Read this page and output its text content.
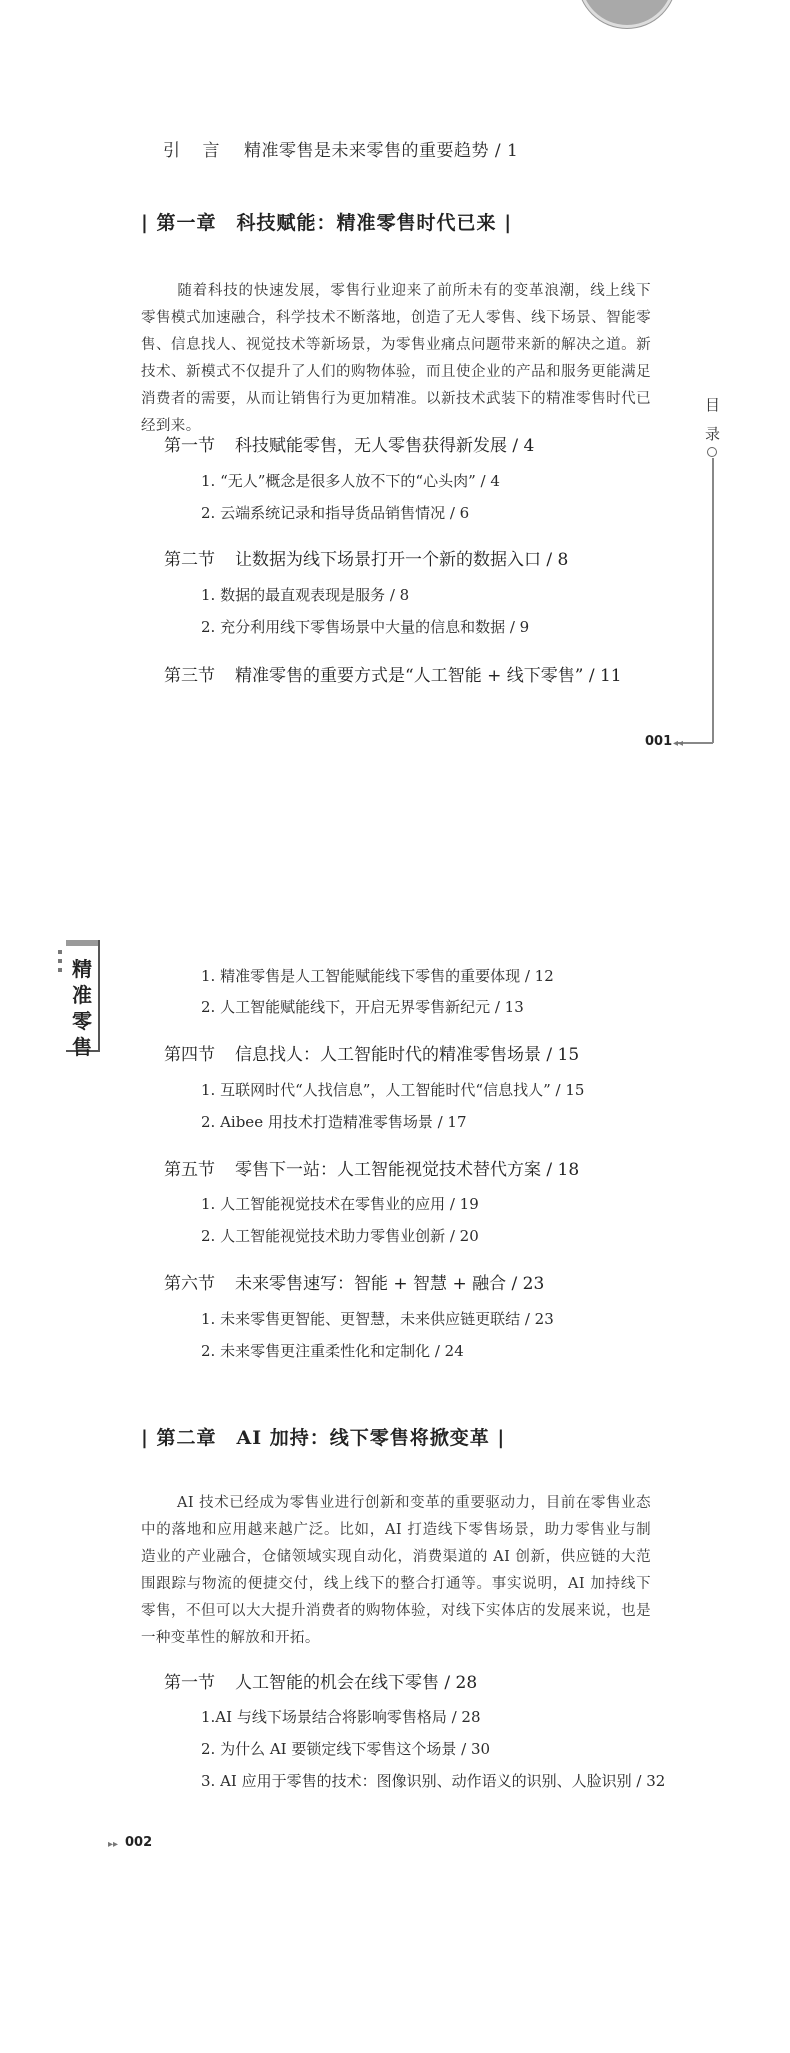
引 言 精准零售是未来零售的重要趋势 / 1
| 第一章　科技赋能：精准零售时代已来 |
随着科技的快速发展，零售行业迎来了前所未有的变革浪潮，线上线下零售模式加速融合，科学技术不断落地，创造了无人零售、线下场景、智能零售、信息找人、视觉技术等新场景，为零售业痛点问题带来新的解决之道。新技术、新模式不仅提升了人们的购物体验，而且使企业的产品和服务更能满足消费者的需要，从而让销售行为更加精准。以新技术武装下的精准零售时代已经到来。
目
录
◂◂
001
第一节 科技赋能零售，无人零售获得新发展 / 4
1. “无人”概念是很多人放不下的“心头肉” / 4
2. 云端系统记录和指导货品销售情况 / 6
第二节 让数据为线下场景打开一个新的数据入口 / 8
1. 数据的最直观表现是服务 / 8
2. 充分利用线下零售场景中大量的信息和数据 / 9
第三节 精准零售的重要方式是“人工智能 + 线下零售” / 11
精准零售
1. 精准零售是人工智能赋能线下零售的重要体现 / 12
2. 人工智能赋能线下，开启无界零售新纪元 / 13
第四节 信息找人：人工智能时代的精准零售场景 / 15
1. 互联网时代“人找信息”，人工智能时代“信息找人” / 15
2. Aibee 用技术打造精准零售场景 / 17
第五节 零售下一站：人工智能视觉技术替代方案 / 18
1. 人工智能视觉技术在零售业的应用 / 19
2. 人工智能视觉技术助力零售业创新 / 20
第六节 未来零售速写：智能 + 智慧 + 融合 / 23
1. 未来零售更智能、更智慧，未来供应链更联结 / 23
2. 未来零售更注重柔性化和定制化 / 24
| 第二章　AI 加持：线下零售将掀变革 |
AI 技术已经成为零售业进行创新和变革的重要驱动力，目前在零售业态中的落地和应用越来越广泛。比如，AI 打造线下零售场景，助力零售业与制造业的产业融合，仓储领域实现自动化，消费渠道的 AI 创新，供应链的大范围跟踪与物流的便捷交付，线上线下的整合打通等。事实说明，AI 加持线下零售，不但可以大大提升消费者的购物体验，对线下实体店的发展来说，也是一种变革性的解放和开拓。
第一节 人工智能的机会在线下零售 / 28
1.AI 与线下场景结合将影响零售格局 / 28
2. 为什么 AI 要锁定线下零售这个场景 / 30
3. AI 应用于零售的技术：图像识别、动作语义的识别、人脸识别 / 32
▸▸ 002
